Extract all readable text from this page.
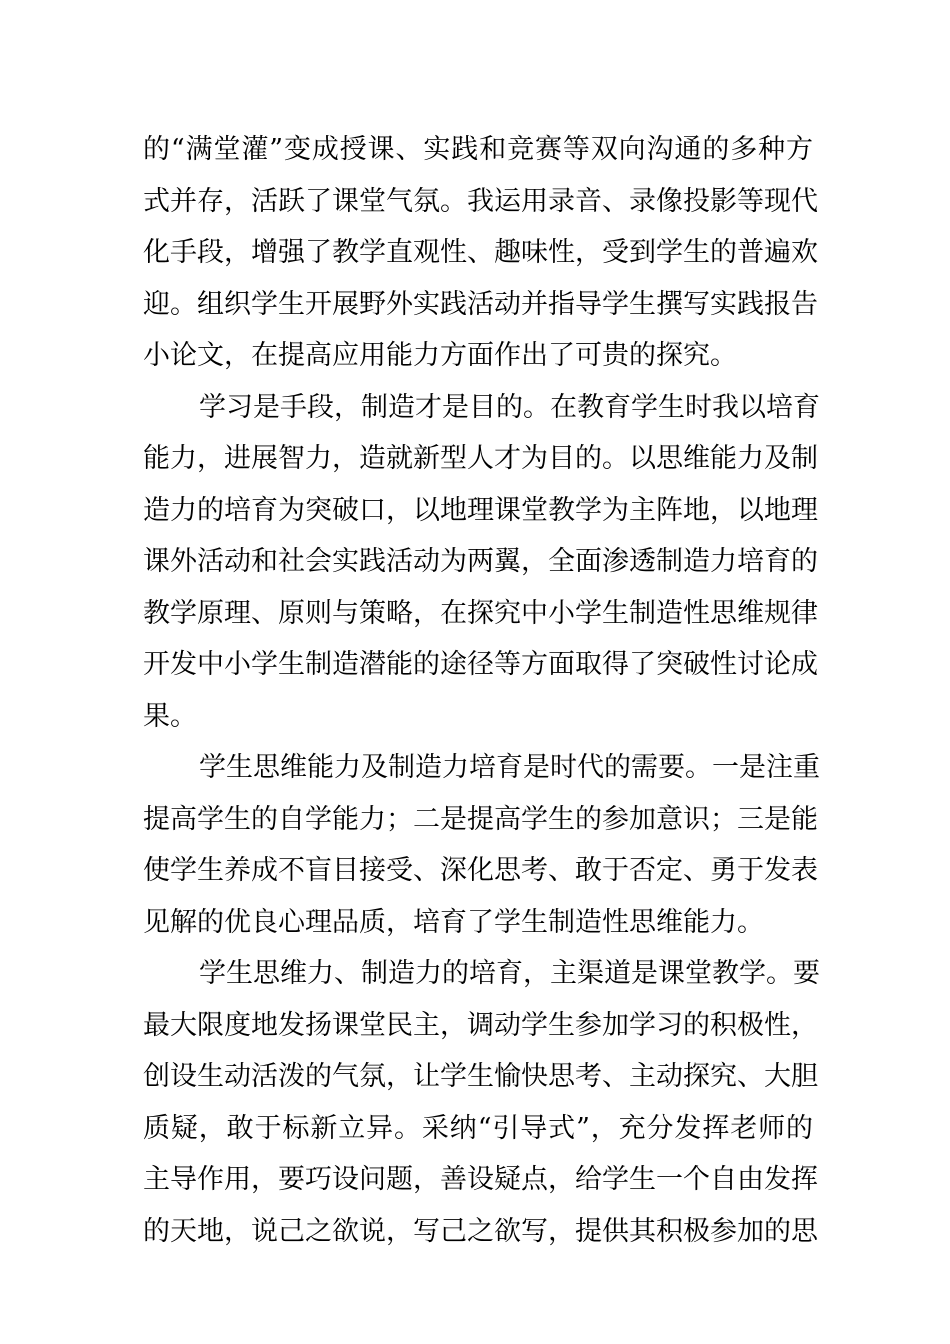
的“满堂灌”变成授课、实践和竞赛等双向沟通的多种方
式并存，活跃了课堂气氛。我运用录音、录像投影等现代
化手段，增强了教学直观性、趣味性，受到学生的普遍欢
迎。组织学生开展野外实践活动并指导学生撰写实践报告
小论文，在提高应用能力方面作出了可贵的探究。
学习是手段，制造才是目的。在教育学生时我以培育
能力，进展智力，造就新型人才为目的。以思维能力及制
造力的培育为突破口，以地理课堂教学为主阵地，以地理
课外活动和社会实践活动为两翼，全面渗透制造力培育的
教学原理、原则与策略，在探究中小学生制造性思维规律
开发中小学生制造潜能的途径等方面取得了突破性讨论成
果。
学生思维能力及制造力培育是时代的需要。一是注重
提高学生的自学能力；二是提高学生的参加意识；三是能
使学生养成不盲目接受、深化思考、敢于否定、勇于发表
见解的优良心理品质，培育了学生制造性思维能力。
学生思维力、制造力的培育，主渠道是课堂教学。要
最大限度地发扬课堂民主，调动学生参加学习的积极性，
创设生动活泼的气氛，让学生愉快思考、主动探究、大胆
质疑，敢于标新立异。采纳“引导式”，充分发挥老师的
主导作用，要巧设问题，善设疑点，给学生一个自由发挥
的天地，说己之欲说，写己之欲写，提供其积极参加的思
